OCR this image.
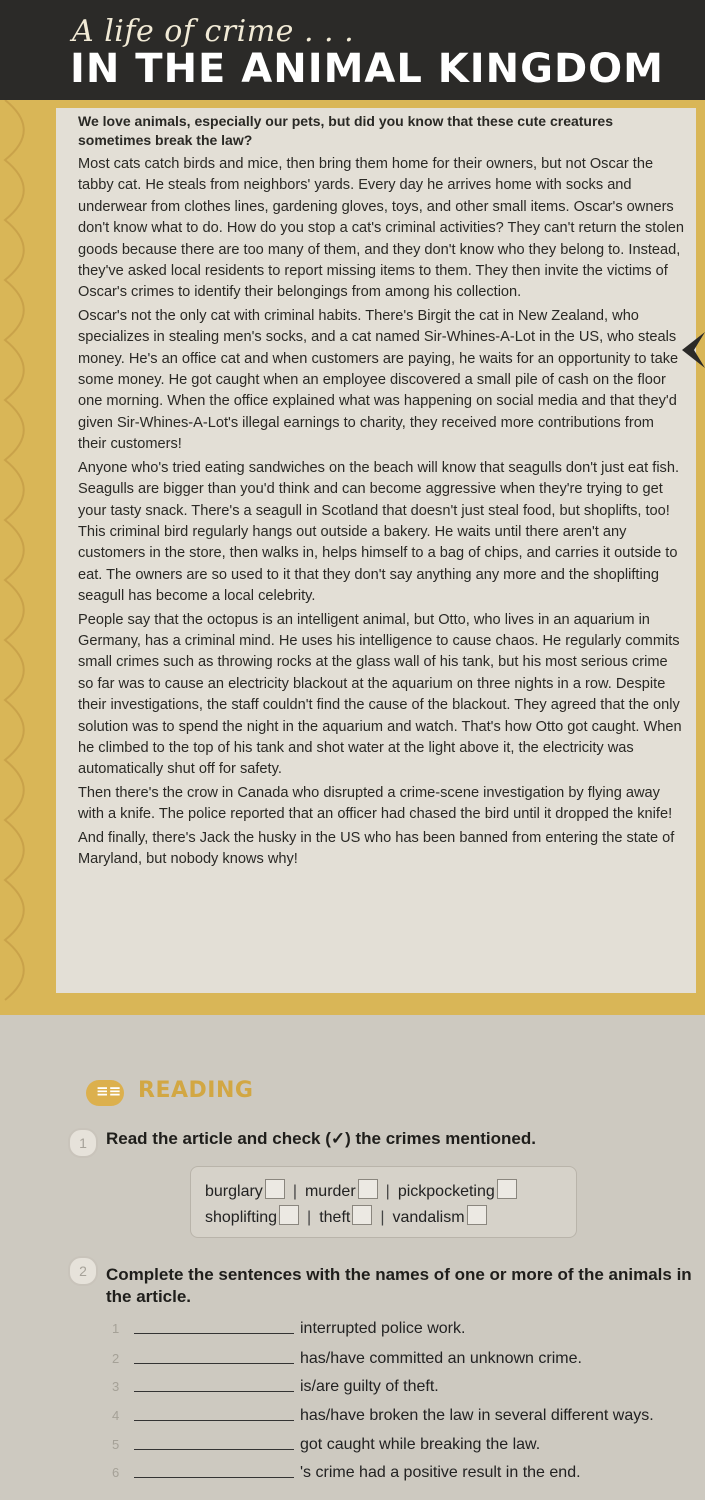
A life of crime . . .
IN THE ANIMAL KINGDOM

We love animals, especially our pets, but did you know that these cute creatures sometimes break the law?

Most cats catch birds and mice, then bring them home for their owners, but not Oscar the tabby cat. He steals from neighbors' yards. Every day he arrives home with socks and underwear from clothes lines, gardening gloves, toys, and other small items. Oscar's owners don't know what to do. How do you stop a cat's criminal activities? They can't return the stolen goods because there are too many of them, and they don't know who they belong to. Instead, they've asked local residents to report missing items to them. They then invite the victims of Oscar's crimes to identify their belongings from among his collection.

Oscar's not the only cat with criminal habits. There's Birgit the cat in New Zealand, who specializes in stealing men's socks, and a cat named Sir-Whines-A-Lot in the US, who steals money. He's an office cat and when customers are paying, he waits for an opportunity to take some money. He got caught when an employee discovered a small pile of cash on the floor one morning. When the office explained what was happening on social media and that they'd given Sir-Whines-A-Lot's illegal earnings to charity, they received more contributions from their customers!

Anyone who's tried eating sandwiches on the beach will know that seagulls don't just eat fish. Seagulls are bigger than you'd think and can become aggressive when they're trying to get your tasty snack. There's a seagull in Scotland that doesn't just steal food, but shoplifts, too! This criminal bird regularly hangs out outside a bakery. He waits until there aren't any customers in the store, then walks in, helps himself to a bag of chips, and carries it outside to eat. The owners are so used to it that they don't say anything any more and the shoplifting seagull has become a local celebrity.

People say that the octopus is an intelligent animal, but Otto, who lives in an aquarium in Germany, has a criminal mind. He uses his intelligence to cause chaos. He regularly commits small crimes such as throwing rocks at the glass wall of his tank, but his most serious crime so far was to cause an electricity blackout at the aquarium on three nights in a row. Despite their investigations, the staff couldn't find the cause of the blackout. They agreed that the only solution was to spend the night in the aquarium and watch. That's how Otto got caught. When he climbed to the top of his tank and shot water at the light above it, the electricity was automatically shut off for safety.

Then there's the crow in Canada who disrupted a crime-scene investigation by flying away with a knife. The police reported that an officer had chased the bird until it dropped the knife!

And finally, there's Jack the husky in the US who has been banned from entering the state of Maryland, but nobody knows why!

≡≡ READING
1	Read the article and check (✓) the crimes mentioned.
burglary | murder | pickpocketing
shoplifting | theft | vandalism
2	Complete the sentences with the names of one or more of the animals in the article.
1	interrupted police work.
2	has/have committed an unknown crime.
3	is/are guilty of theft.
4	has/have broken the law in several different ways.
5	got caught while breaking the law.
6	's crime had a positive result in the end.
